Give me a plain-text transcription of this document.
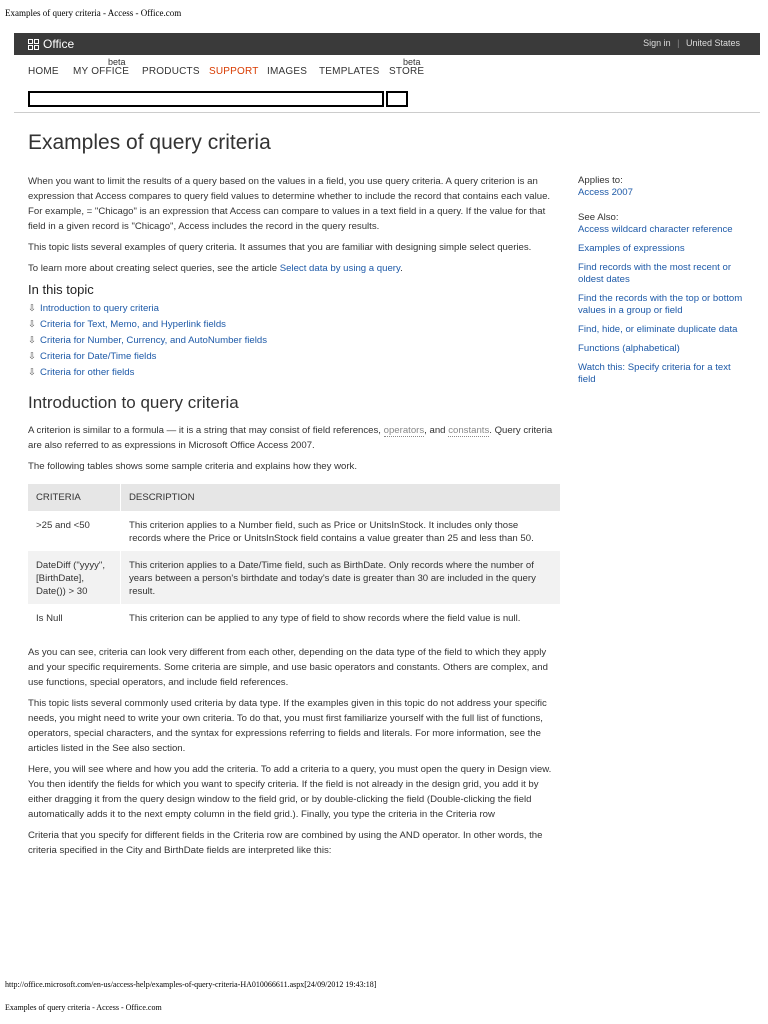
Examples of query criteria - Access - Office.com
Office	Sign in | United States
beta	beta
HOME MY OFFICE PRODUCTS SUPPORT IMAGES TEMPLATES STORE
Examples of query criteria

When you want to limit the results of a query based on the values in a field, you use query criteria. A query criterion is an expression that Access compares to query field values to determine whether to include the record that contains each value. For example, = "Chicago" is an expression that Access can compare to values in a text field in a query. If the value for that field in a given record is "Chicago", Access includes the record in the query results.

This topic lists several examples of query criteria. It assumes that you are familiar with designing simple select queries.

To learn more about creating select queries, see the article Select data by using a query.

In this topic
⇩ Introduction to query criteria
⇩ Criteria for Text, Memo, and Hyperlink fields
⇩ Criteria for Number, Currency, and AutoNumber fields
⇩ Criteria for Date/Time fields
⇩ Criteria for other fields
Introduction to query criteria

A criterion is similar to a formula — it is a string that may consist of field references, operators, and constants. Query criteria are also referred to as expressions in Microsoft Office Access 2007.

The following tables shows some sample criteria and explains how they work.

CRITERIA	DESCRIPTION
>25 and <50	This criterion applies to a Number field, such as Price or UnitsInStock. It includes only those records where the Price or UnitsInStock field contains a value greater than 25 and less than 50.
DateDiff ("yyyy", [BirthDate], Date()) > 30	This criterion applies to a Date/Time field, such as BirthDate. Only records where the number of years between a person's birthdate and today's date is greater than 30 are included in the query result.
Is Null	This criterion can be applied to any type of field to show records where the field value is null.

As you can see, criteria can look very different from each other, depending on the data type of the field to which they apply and your specific requirements. Some criteria are simple, and use basic operators and constants. Others are complex, and use functions, special operators, and include field references.

This topic lists several commonly used criteria by data type. If the examples given in this topic do not address your specific needs, you might need to write your own criteria. To do that, you must first familiarize yourself with the full list of functions, operators, special characters, and the syntax for expressions referring to fields and literals. For more information, see the articles listed in the See also section.

Here, you will see where and how you add the criteria. To add a criteria to a query, you must open the query in Design view. You then identify the fields for which you want to specify criteria. If the field is not already in the design grid, you add it by either dragging it from the query design window to the field grid, or by double-clicking the field (Double-clicking the field automatically adds it to the next empty column in the field grid.). Finally, you type the criteria in the Criteria row

Criteria that you specify for different fields in the Criteria row are combined by using the AND operator. In other words, the criteria specified in the City and BirthDate fields are interpreted like this:

Applies to:
Access 2007
See Also:
Access wildcard character reference
Examples of expressions
Find records with the most recent or oldest dates
Find the records with the top or bottom values in a group or field
Find, hide, or eliminate duplicate data
Functions (alphabetical)
Watch this: Specify criteria for a text field
http://office.microsoft.com/en-us/access-help/examples-of-query-criteria-HA010066611.aspx[24/09/2012 19:43:18]
Examples of query criteria - Access - Office.com
